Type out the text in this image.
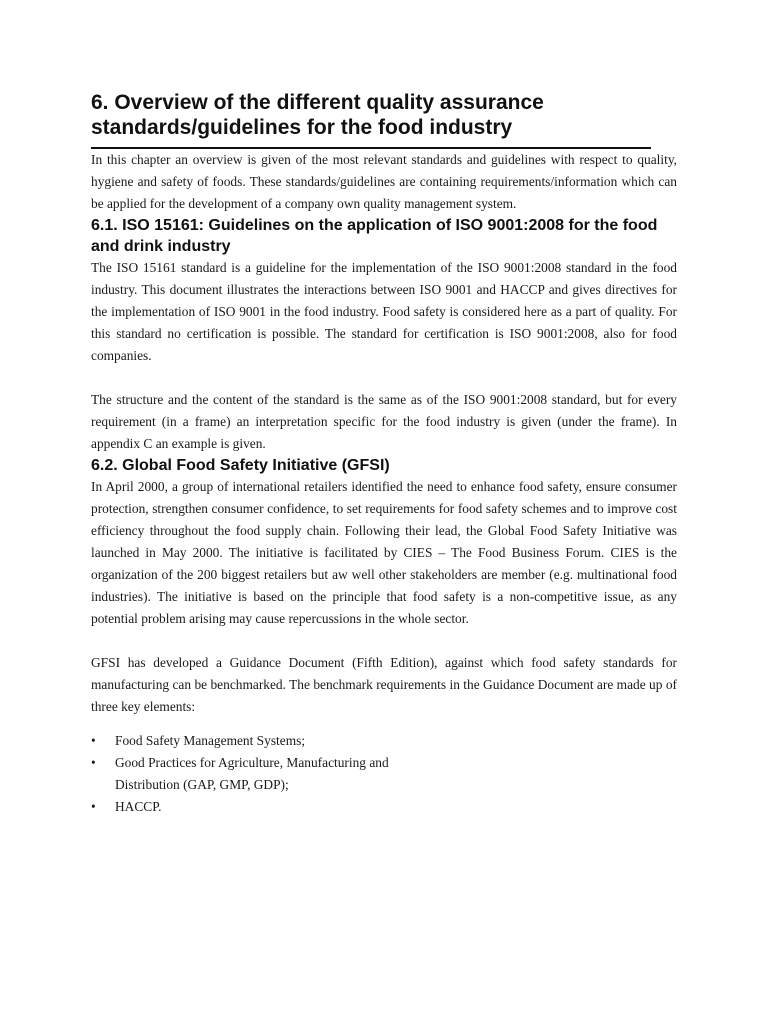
6. Overview of the different quality assurance standards/guidelines for the food industry

In this chapter an overview is given of the most relevant standards and guidelines with respect to quality, hygiene and safety of foods. These standards/guidelines are containing requirements/information which can be applied for the development of a company own quality management system.

6.1. ISO 15161: Guidelines on the application of ISO 9001:2008 for the food and drink industry

The ISO 15161 standard is a guideline for the implementation of the ISO 9001:2008 standard in the food industry. This document illustrates the interactions between ISO 9001 and HACCP and gives directives for the implementation of ISO 9001 in the food industry. Food safety is considered here as a part of quality. For this standard no certification is possible. The standard for certification is ISO 9001:2008, also for food companies.

The structure and the content of the standard is the same as of the ISO 9001:2008 standard, but for every requirement (in a frame) an interpretation specific for the food industry is given (under the frame). In appendix C an example is given.

6.2. Global Food Safety Initiative (GFSI)

In April 2000, a group of international retailers identified the need to enhance food safety, ensure consumer protection, strengthen consumer confidence, to set requirements for food safety schemes and to improve cost efficiency throughout the food supply chain. Following their lead, the Global Food Safety Initiative was launched in May 2000. The initiative is facilitated by CIES – The Food Business Forum. CIES is the organization of the 200 biggest retailers but aw well other stakeholders are member (e.g. multinational food industries). The initiative is based on the principle that food safety is a non-competitive issue, as any potential problem arising may cause repercussions in the whole sector.

GFSI has developed a Guidance Document (Fifth Edition), against which food safety standards for manufacturing can be benchmarked. The benchmark requirements in the Guidance Document are made up of three key elements:

• Food Safety Management Systems;
• Good Practices for Agriculture, Manufacturing and Distribution (GAP, GMP, GDP);
• HACCP.
